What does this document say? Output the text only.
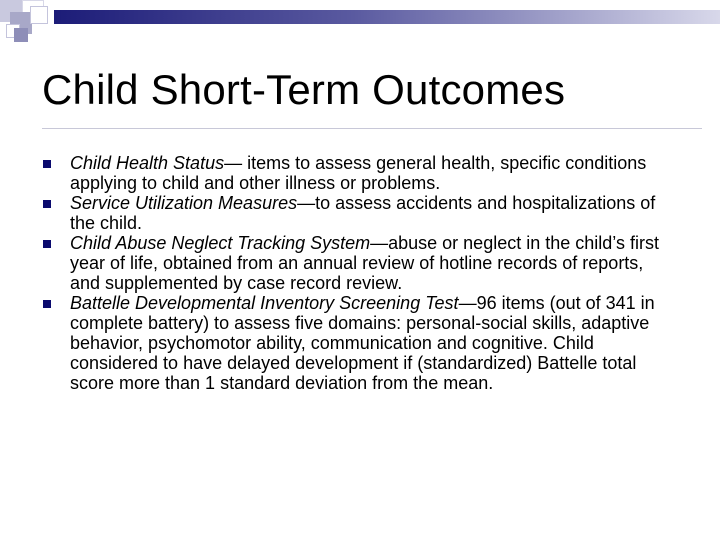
Child Short-Term Outcomes
Child Health Status— items to assess general health, specific conditions applying to child and other illness or problems.
Service Utilization Measures—to assess accidents and hospitalizations of the child.
Child Abuse Neglect Tracking System—abuse or neglect in the child’s first year of life, obtained from an annual review of hotline records of reports, and supplemented by case record review.
Battelle Developmental Inventory Screening Test—96 items (out of 341 in complete battery) to assess five domains: personal-social skills, adaptive behavior, psychomotor ability, communication and cognitive. Child considered to have delayed development if (standardized) Battelle total score more than 1 standard deviation from the mean.
